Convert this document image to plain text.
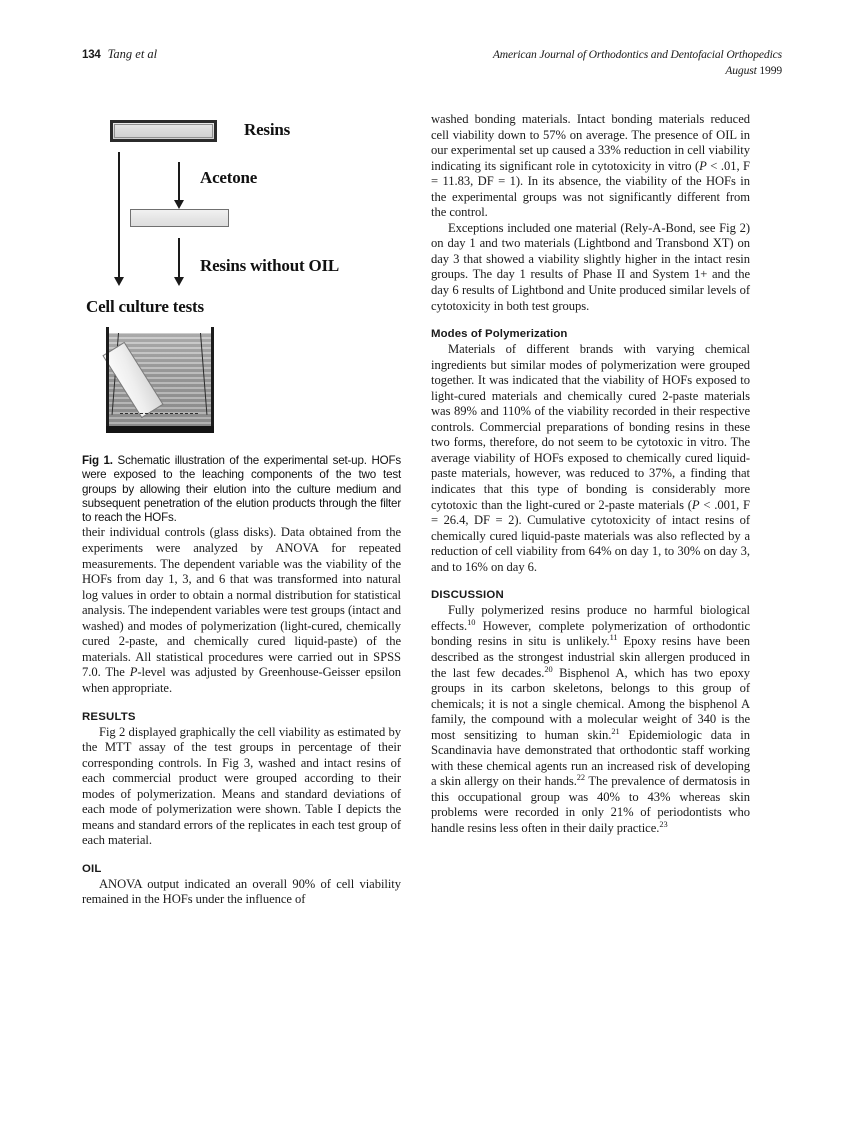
134 Tang et al	American Journal of Orthodontics and Dentofacial Orthopedics
August 1999
Resins
Acetone
Resins without OIL
Cell culture tests
Fig 1. Schematic illustration of the experimental set-up. HOFs were exposed to the leaching components of the two test groups by allowing their elution into the culture medium and subsequent penetration of the elution products through the filter to reach the HOFs.

their individual controls (glass disks). Data obtained from the experiments were analyzed by ANOVA for repeated measurements. The dependent variable was the viability of the HOFs from day 1, 3, and 6 that was transformed into natural log values in order to obtain a normal distribution for statistical analysis. The independent variables were test groups (intact and washed) and modes of polymerization (light-cured, chemically cured 2-paste, and chemically cured liquid-paste) of the materials. All statistical procedures were carried out in SPSS 7.0. The P-level was adjusted by Greenhouse-Geisser epsilon when appropriate.

RESULTS

Fig 2 displayed graphically the cell viability as estimated by the MTT assay of the test groups in percentage of their corresponding controls. In Fig 3, washed and intact resins of each commercial product were grouped according to their modes of polymerization. Means and standard deviations of each mode of polymerization were shown. Table I depicts the means and standard errors of the replicates in each test group of each material.

OIL

ANOVA output indicated an overall 90% of cell viability remained in the HOFs under the influence of

washed bonding materials. Intact bonding materials reduced cell viability down to 57% on average. The presence of OIL in our experimental set up caused a 33% reduction in cell viability indicating its significant role in cytotoxicity in vitro (P < .01, F = 11.83, DF = 1). In its absence, the viability of the HOFs in the experimental groups was not significantly different from the control.

Exceptions included one material (Rely-A-Bond, see Fig 2) on day 1 and two materials (Lightbond and Transbond XT) on day 3 that showed a viability slightly higher in the intact resin groups. The day 1 results of Phase II and System 1+ and the day 6 results of Lightbond and Unite produced similar levels of cytotoxicity in both test groups.

Modes of Polymerization

Materials of different brands with varying chemical ingredients but similar modes of polymerization were grouped together. It was indicated that the viability of HOFs exposed to light-cured materials and chemically cured 2-paste materials was 89% and 110% of the viability recorded in their respective controls. Commercial preparations of bonding resins in these two forms, therefore, do not seem to be cytotoxic in vitro. The average viability of HOFs exposed to chemically cured liquid-paste materials, however, was reduced to 37%, a finding that indicates that this type of bonding is considerably more cytotoxic than the light-cured or 2-paste materials (P < .001, F = 26.4, DF = 2). Cumulative cytotoxicity of intact resins of chemically cured liquid-paste materials was also reflected by a reduction of cell viability from 64% on day 1, to 30% on day 3, and to 16% on day 6.

DISCUSSION

Fully polymerized resins produce no harmful biological effects.$^{10}$ However, complete polymerization of orthodontic bonding resins in situ is unlikely.$^{11}$ Epoxy resins have been described as the strongest industrial skin allergen produced in the last few decades.$^{20}$ Bisphenol A, which has two epoxy groups in its carbon skeletons, belongs to this group of chemicals; it is not a single chemical. Among the bisphenol A family, the compound with a molecular weight of 340 is the most sensitizing to human skin.$^{21}$ Epidemiologic data in Scandinavia have demonstrated that orthodontic staff working with these chemical agents run an increased risk of developing a skin allergy on their hands.$^{22}$ The prevalence of dermatosis in this occupational group was 40% to 43% whereas skin problems were recorded in only 21% of periodontists who handle resins less often in their daily practice.$^{23}$
